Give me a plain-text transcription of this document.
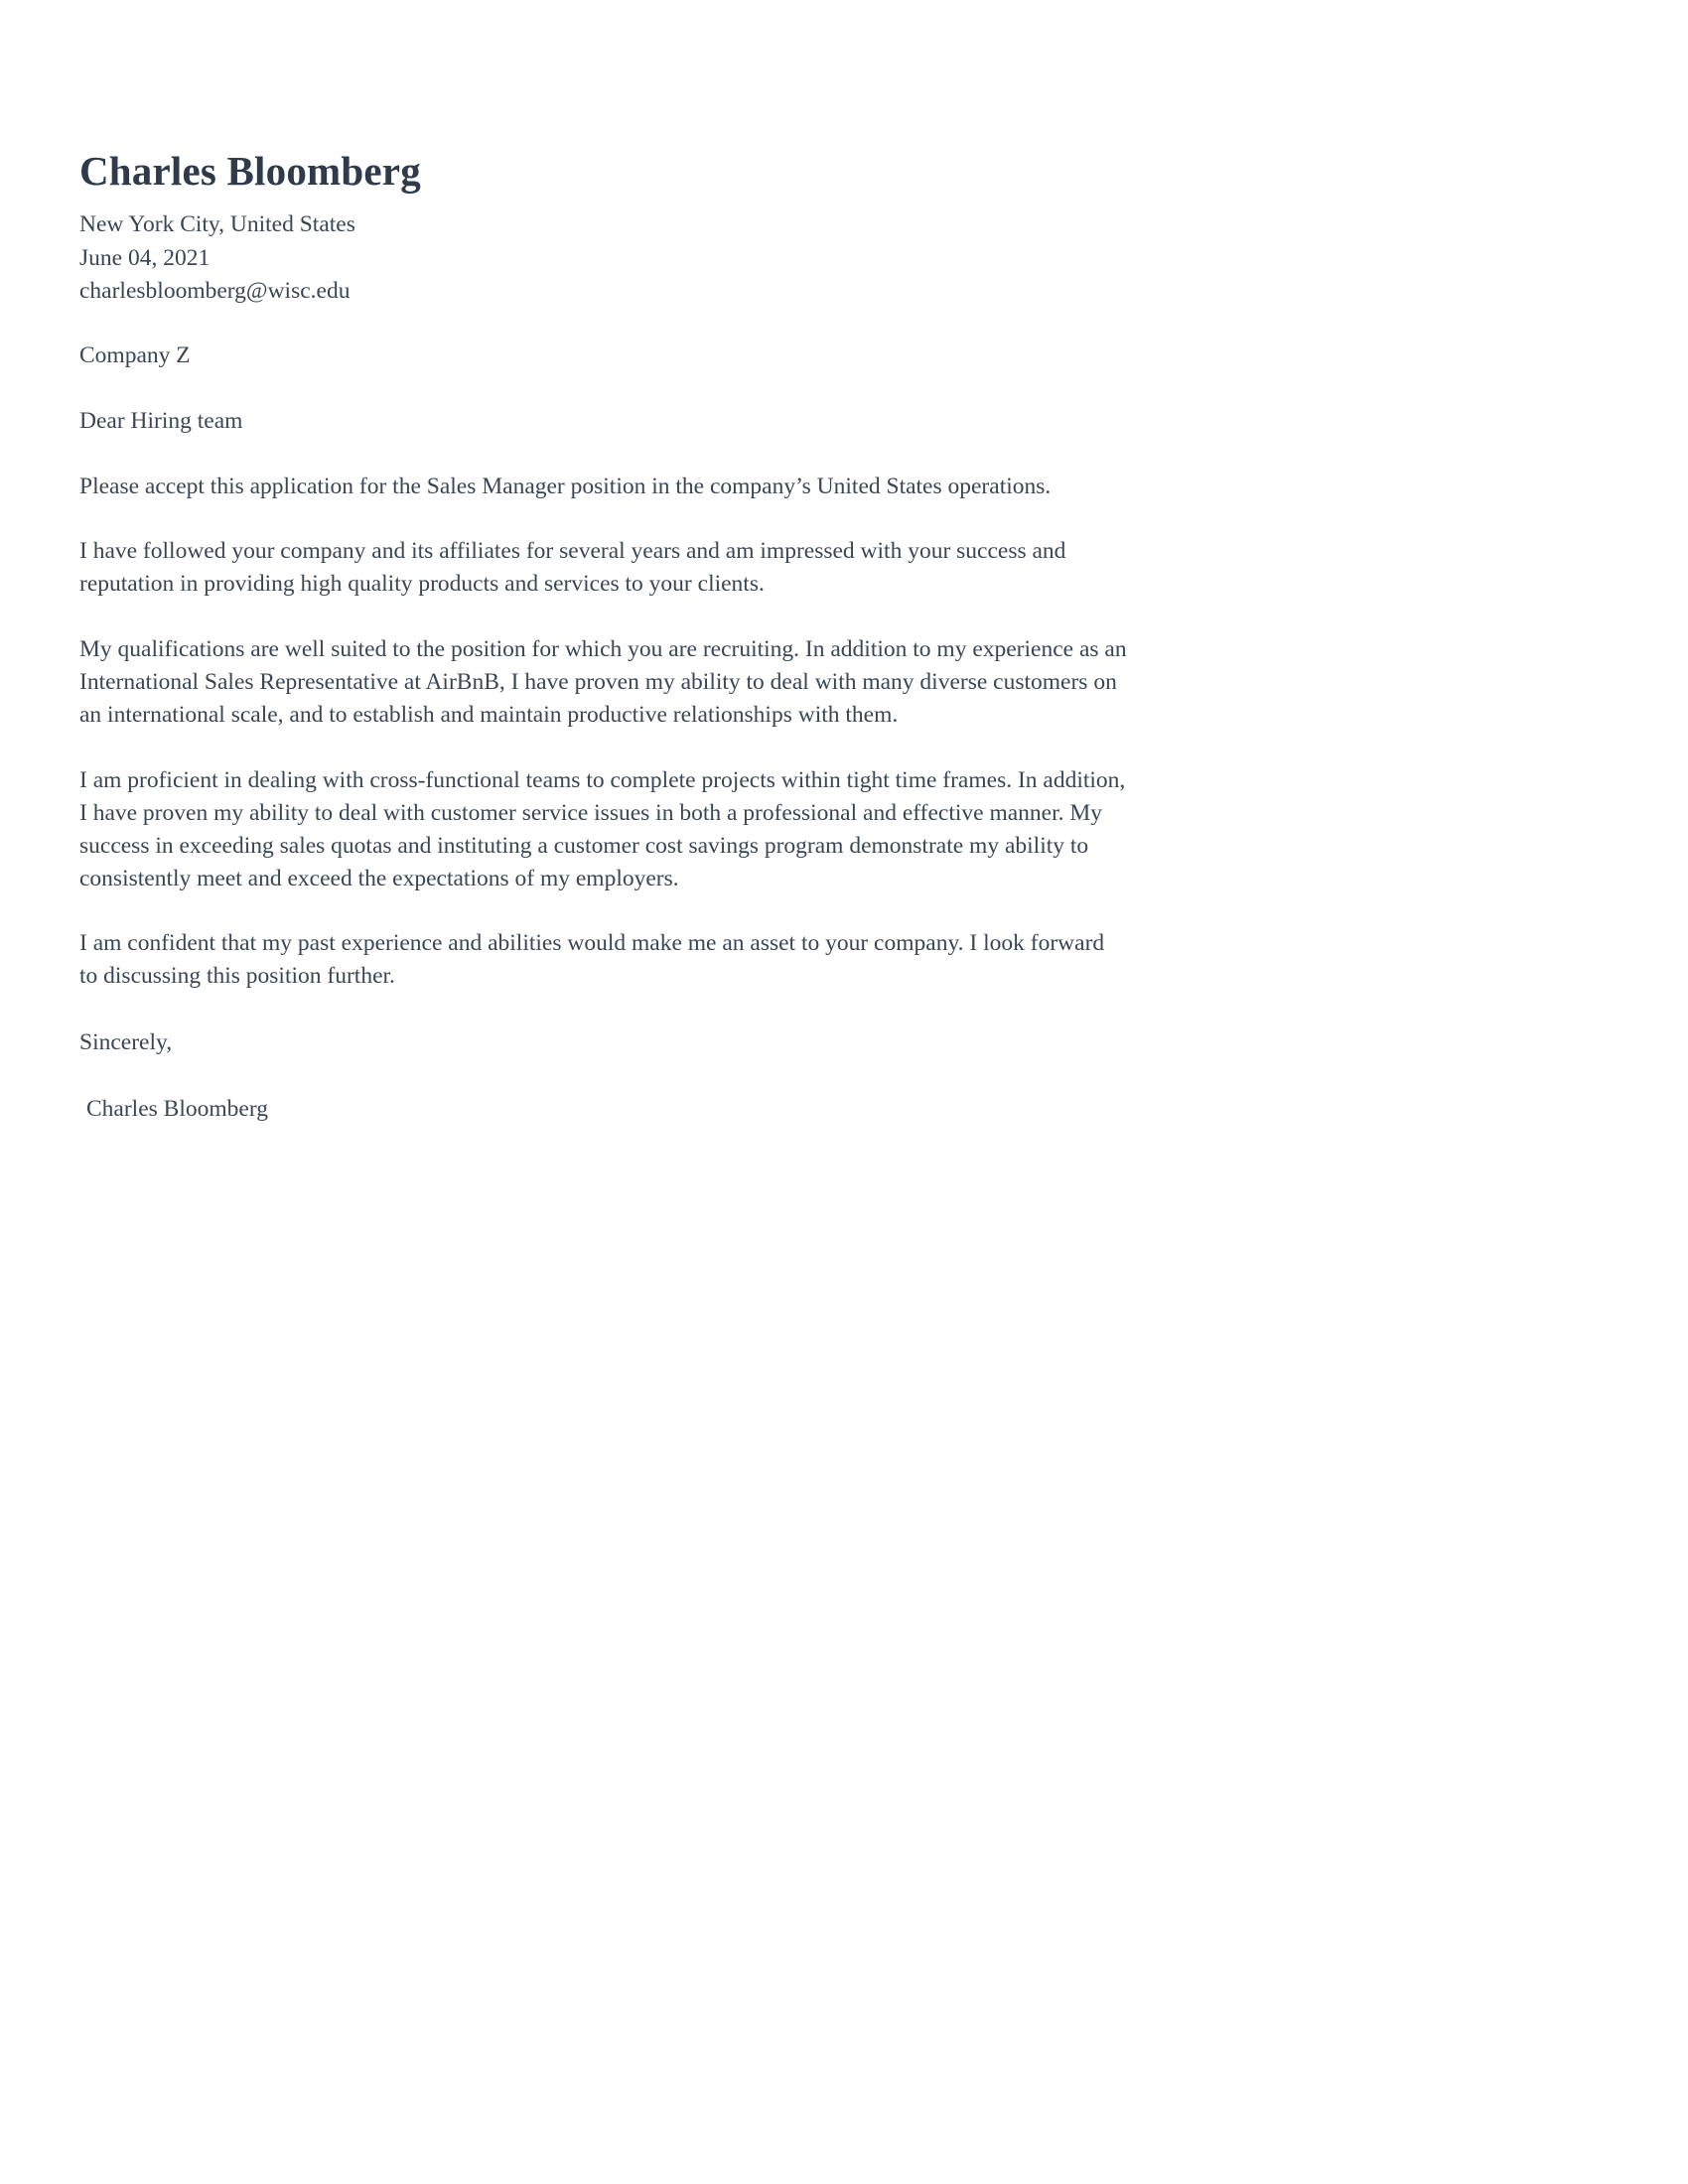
Charles Bloomberg
New York City, United States
June 04, 2021
charlesbloomberg@wisc.edu
Company Z
Dear Hiring team

Please accept this application for the Sales Manager position in the company’s United States operations.

I have followed your company and its affiliates for several years and am impressed with your success and reputation in providing high quality products and services to your clients.

My qualifications are well suited to the position for which you are recruiting. In addition to my experience as an International Sales Representative at AirBnB, I have proven my ability to deal with many diverse customers on an international scale, and to establish and maintain productive relationships with them.

I am proficient in dealing with cross-functional teams to complete projects within tight time frames. In addition, I have proven my ability to deal with customer service issues in both a professional and effective manner. My success in exceeding sales quotas and instituting a customer cost savings program demonstrate my ability to consistently meet and exceed the expectations of my employers.

I am confident that my past experience and abilities would make me an asset to your company. I look forward to discussing this position further.

Sincerely,
Charles Bloomberg
